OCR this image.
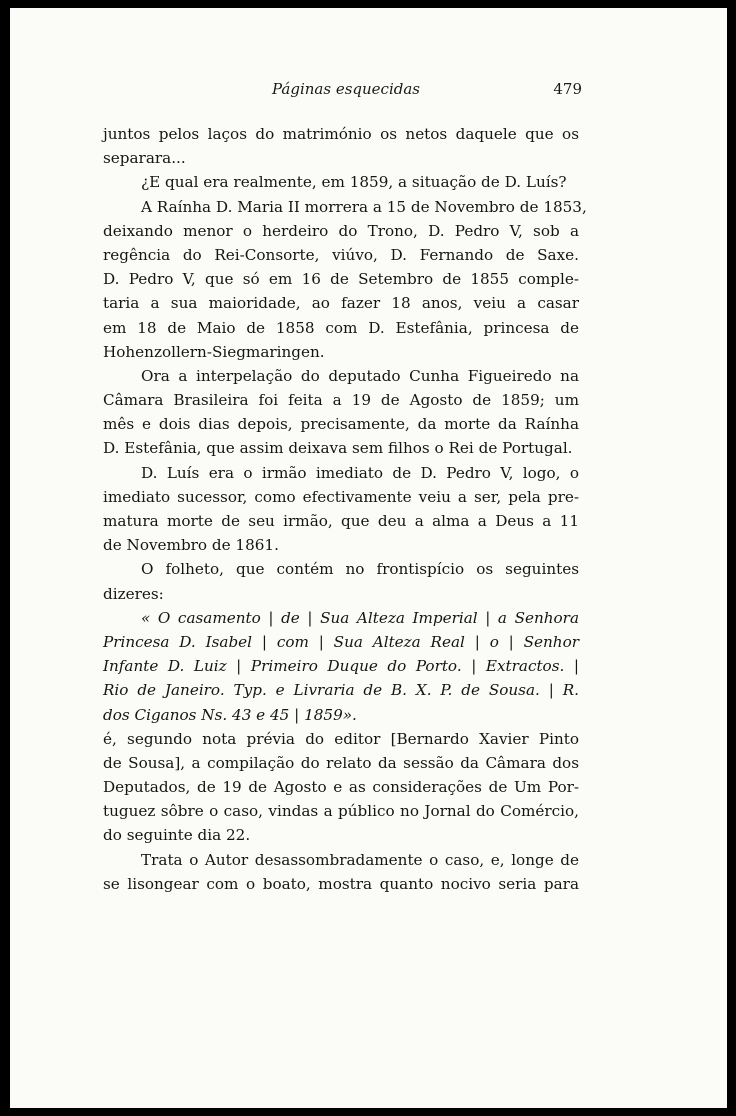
Páginas esquecidas	479
juntos pelos laços do matrimónio os netos daquele que os
separara...
¿E qual era realmente, em 1859, a situação de D. Luís?
A Raínha D. Maria II morrera a 15 de Novembro de 1853,
deixando menor o herdeiro do Trono, D. Pedro V, sob a
regência do Rei-Consorte, viúvo, D. Fernando de Saxe.
D. Pedro V, que só em 16 de Setembro de 1855 comple-
taria a sua maioridade, ao fazer 18 anos, veiu a casar
em 18 de Maio de 1858 com D. Estefânia, princesa de
Hohenzollern-Siegmaringen.
Ora a interpelação do deputado Cunha Figueiredo na
Câmara Brasileira foi feita a 19 de Agosto de 1859; um
mês e dois dias depois, precisamente, da morte da Raínha
D. Estefânia, que assim deixava sem filhos o Rei de Portugal.
D. Luís era o irmão imediato de D. Pedro V, logo, o
imediato sucessor, como efectivamente veiu a ser, pela pre-
matura morte de seu irmão, que deu a alma a Deus a 11
de Novembro de 1861.
O folheto, que contém no frontispício os seguintes
dizeres:
« O casamento | de | Sua Alteza Imperial | a Senhora
Princesa D. Isabel | com | Sua Alteza Real | o | Senhor
Infante D. Luiz | Primeiro Duque do Porto. | Extractos. |
Rio de Janeiro. Typ. e Livraria de B. X. P. de Sousa. | R.
dos Ciganos Ns. 43 e 45 | 1859».
é, segundo nota prévia do editor [Bernardo Xavier Pinto
de Sousa], a compilação do relato da sessão da Câmara dos
Deputados, de 19 de Agosto e as considerações de Um Por-
tuguez sôbre o caso, vindas a público no Jornal do Comércio,
do seguinte dia 22.
Trata o Autor desassombradamente o caso, e, longe de
se lisongear com o boato, mostra quanto nocivo seria para
